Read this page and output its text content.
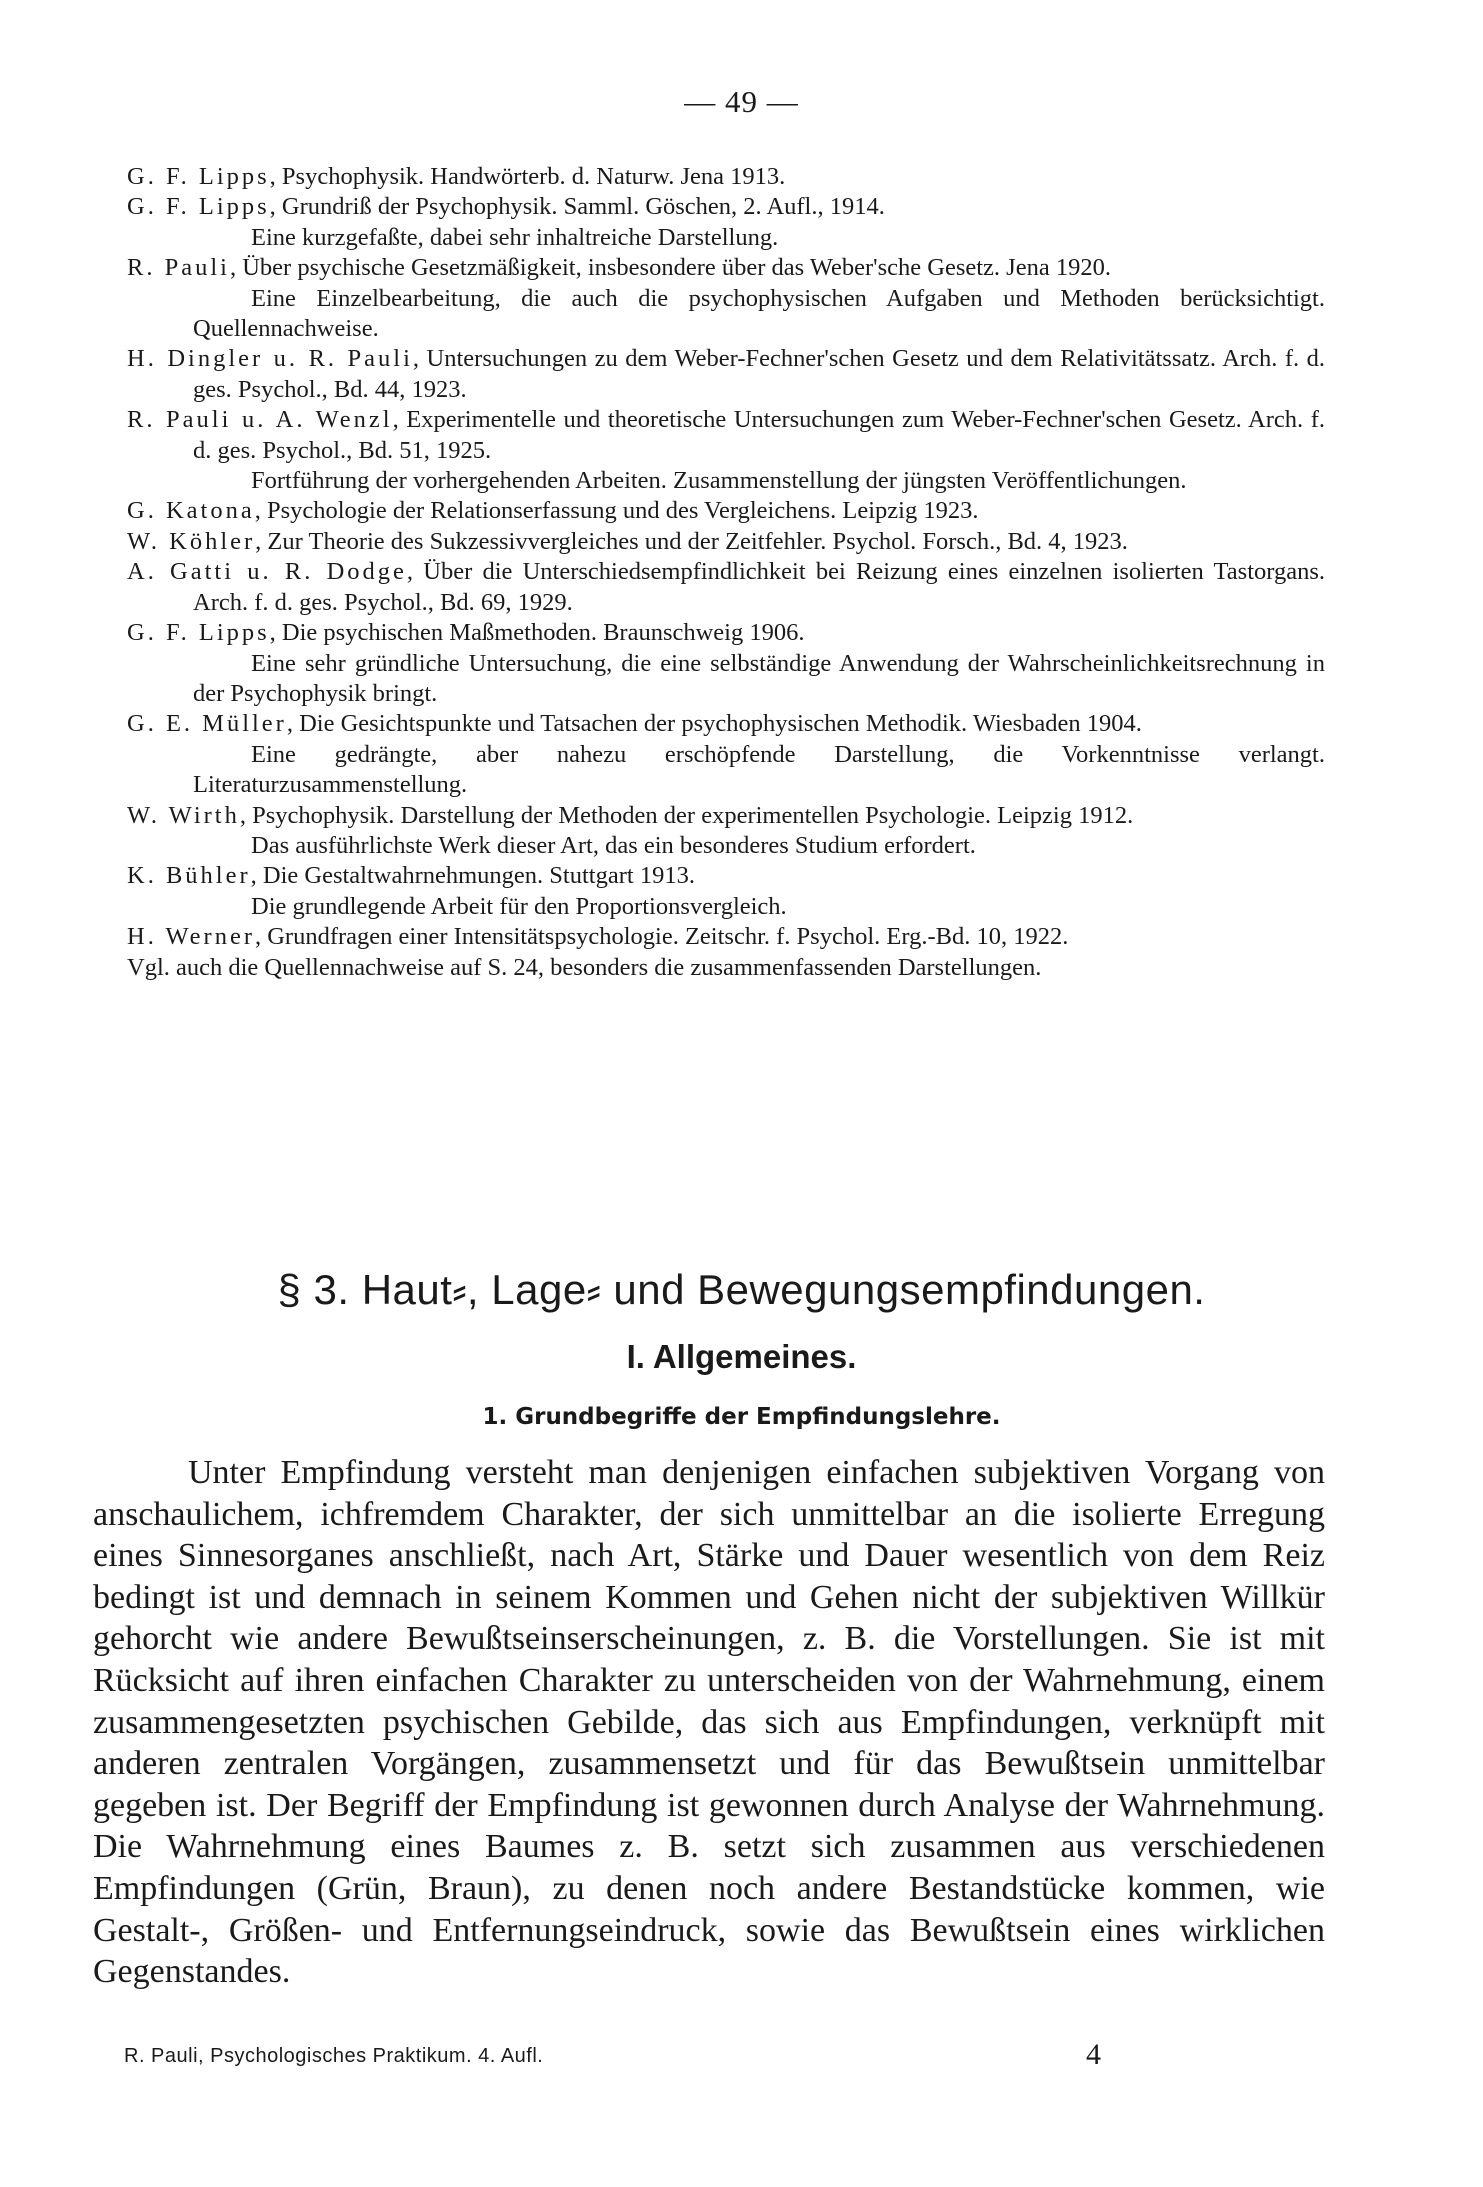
— 49 —
G. F. Lipps, Psychophysik. Handwörterb. d. Naturw. Jena 1913.
G. F. Lipps, Grundriß der Psychophysik. Samml. Göschen, 2. Aufl., 1914.
Eine kurzgefaßte, dabei sehr inhaltreiche Darstellung.
R. Pauli, Über psychische Gesetzmäßigkeit, insbesondere über das Weber'sche Gesetz. Jena 1920.
Eine Einzelbearbeitung, die auch die psychophysischen Aufgaben und Methoden berücksichtigt. Quellennachweise.
H. Dingler u. R. Pauli, Untersuchungen zu dem Weber-Fechner'schen Gesetz und dem Relativitätssatz. Arch. f. d. ges. Psychol., Bd. 44, 1923.
R. Pauli u. A. Wenzl, Experimentelle und theoretische Untersuchungen zum Weber-Fechner'schen Gesetz. Arch. f. d. ges. Psychol., Bd. 51, 1925.
Fortführung der vorhergehenden Arbeiten. Zusammenstellung der jüngsten Veröffentlichungen.
G. Katona, Psychologie der Relationserfassung und des Vergleichens. Leipzig 1923.
W. Köhler, Zur Theorie des Sukzessivvergleiches und der Zeitfehler. Psychol. Forsch., Bd. 4, 1923.
A. Gatti u. R. Dodge, Über die Unterschiedsempfindlichkeit bei Reizung eines einzelnen isolierten Tastorgans. Arch. f. d. ges. Psychol., Bd. 69, 1929.
G. F. Lipps, Die psychischen Maßmethoden. Braunschweig 1906.
Eine sehr gründliche Untersuchung, die eine selbständige Anwendung der Wahrscheinlichkeitsrechnung in der Psychophysik bringt.
G. E. Müller, Die Gesichtspunkte und Tatsachen der psychophysischen Methodik. Wiesbaden 1904.
Eine gedrängte, aber nahezu erschöpfende Darstellung, die Vorkenntnisse verlangt. Literaturzusammenstellung.
W. Wirth, Psychophysik. Darstellung der Methoden der experimentellen Psychologie. Leipzig 1912.
Das ausführlichste Werk dieser Art, das ein besonderes Studium erfordert.
K. Bühler, Die Gestaltwahrnehmungen. Stuttgart 1913.
Die grundlegende Arbeit für den Proportionsvergleich.
H. Werner, Grundfragen einer Intensitätspsychologie. Zeitschr. f. Psychol. Erg.-Bd. 10, 1922.
Vgl. auch die Quellennachweise auf S. 24, besonders die zusammenfassenden Darstellungen.
§ 3. Haut⸗, Lage⸗ und Bewegungsempfindungen.
I. Allgemeines.
1. Grundbegriffe der Empfindungslehre.
Unter Empfindung versteht man denjenigen einfachen subjektiven Vorgang von anschaulichem, ichfremdem Charakter, der sich unmittelbar an die isolierte Erregung eines Sinnesorganes anschließt, nach Art, Stärke und Dauer wesentlich von dem Reiz bedingt ist und demnach in seinem Kommen und Gehen nicht der subjektiven Willkür gehorcht wie andere Bewußtseinserscheinungen, z. B. die Vorstellungen. Sie ist mit Rücksicht auf ihren einfachen Charakter zu unterscheiden von der Wahrnehmung, einem zusammengesetzten psychischen Gebilde, das sich aus Empfindungen, verknüpft mit anderen zentralen Vorgängen, zusammensetzt und für das Bewußtsein unmittelbar gegeben ist. Der Begriff der Empfindung ist gewonnen durch Analyse der Wahrnehmung. Die Wahrnehmung eines Baumes z. B. setzt sich zusammen aus verschiedenen Empfindungen (Grün, Braun), zu denen noch andere Bestandstücke kommen, wie Gestalt-, Größen- und Entfernungseindruck, sowie das Bewußtsein eines wirklichen Gegenstandes.
R. Pauli, Psychologisches Praktikum. 4. Aufl.	4
